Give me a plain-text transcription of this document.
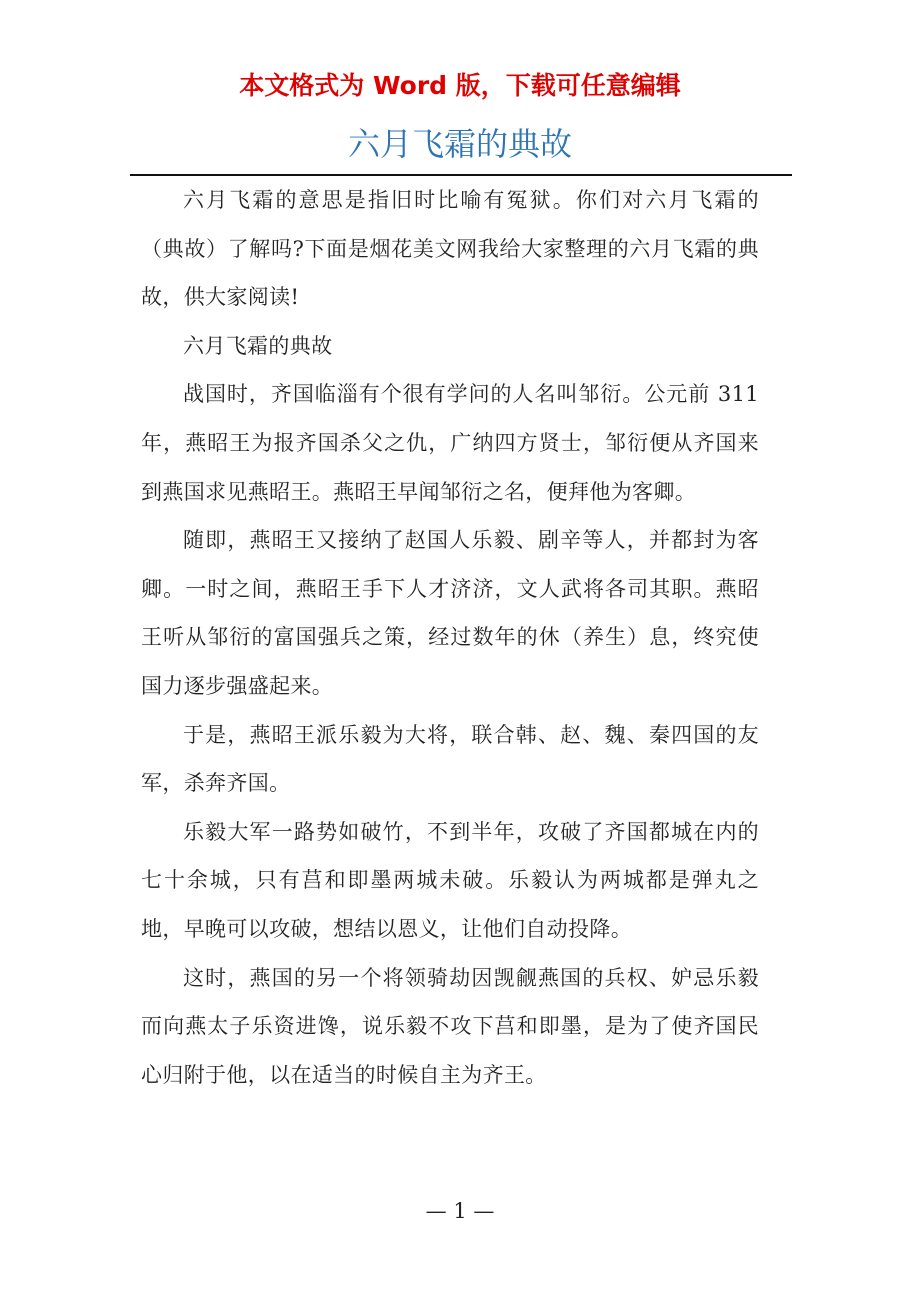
本文格式为 Word 版，下载可任意编辑
六月飞霜的典故

六月飞霜的意思是指旧时比喻有冤狱。你们对六月飞霜的（典故）了解吗?下面是烟花美文网我给大家整理的六月飞霜的典故，供大家阅读!

六月飞霜的典故

战国时，齐国临淄有个很有学问的人名叫邹衍。公元前 311 年，燕昭王为报齐国杀父之仇，广纳四方贤士，邹衍便从齐国来到燕国求见燕昭王。燕昭王早闻邹衍之名，便拜他为客卿。

随即，燕昭王又接纳了赵国人乐毅、剧辛等人，并都封为客卿。一时之间，燕昭王手下人才济济，文人武将各司其职。燕昭王听从邹衍的富国强兵之策，经过数年的休（养生）息，终究使国力逐步强盛起来。

于是，燕昭王派乐毅为大将，联合韩、赵、魏、秦四国的友军，杀奔齐国。

乐毅大军一路势如破竹，不到半年，攻破了齐国都城在内的七十余城，只有莒和即墨两城未破。乐毅认为两城都是弹丸之地，早晚可以攻破，想结以恩义，让他们自动投降。

这时，燕国的另一个将领骑劫因觊觎燕国的兵权、妒忌乐毅而向燕太子乐资进馋，说乐毅不攻下莒和即墨，是为了使齐国民心归附于他，以在适当的时候自主为齐王。

— 1 —
